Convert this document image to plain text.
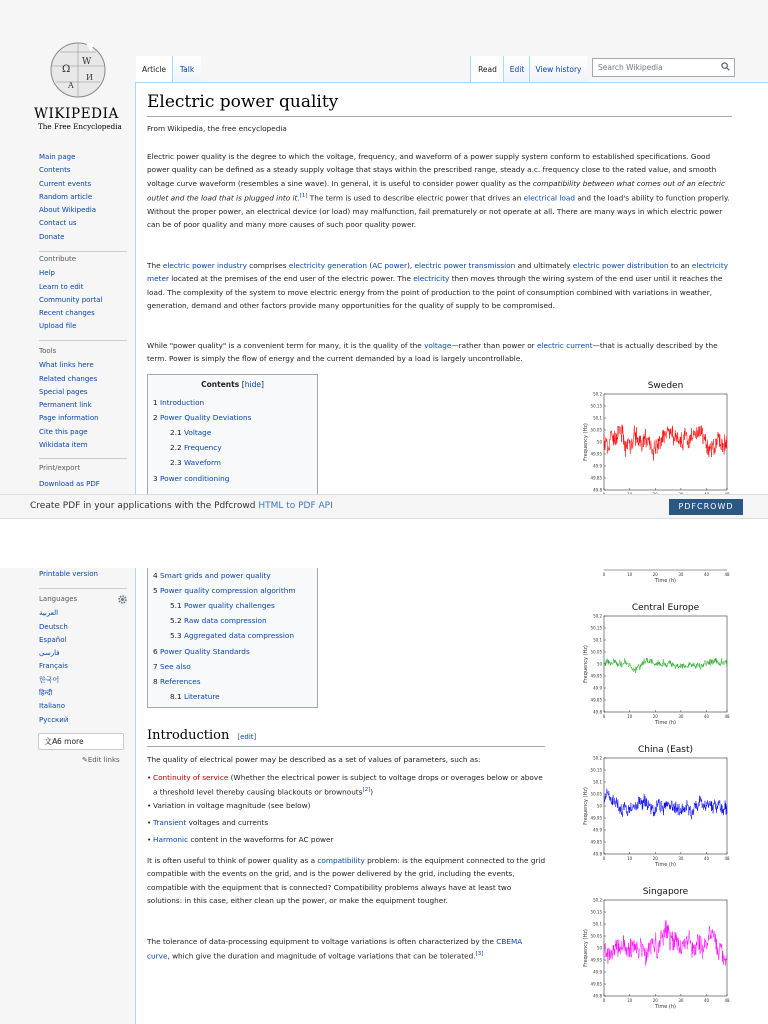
Ω
W
И
A
WIKIPEDIA
The Free Encyclopedia
Main page
Contents
Current events
Random article
About Wikipedia
Contact us
Donate
Contribute
Help
Learn to edit
Community portal
Recent changes
Upload file
Tools
What links here
Related changes
Special pages
Permanent link
Page information
Cite this page
Wikidata item
Print/export
Download as PDF
Article	Talk	Read	Edit	View history	Search Wikipedia
Electric power quality
From Wikipedia, the free encyclopedia
Electric power quality is the degree to which the voltage, frequency, and waveform of a power supply system conform to established specifications. Good power quality can be defined as a steady supply voltage that stays within the prescribed range, steady a.c. frequency close to the rated value, and smooth voltage curve waveform (resembles a sine wave). In general, it is useful to consider power quality as the compatibility between what comes out of an electric outlet and the load that is plugged into it.[1] The term is used to describe electric power that drives an electrical load and the load's ability to function properly. Without the proper power, an electrical device (or load) may malfunction, fail prematurely or not operate at all. There are many ways in which electric power can be of poor quality and many more causes of such poor quality power.
The electric power industry comprises electricity generation (AC power), electric power transmission and ultimately electric power distribution to an electricity meter located at the premises of the end user of the electric power. The electricity then moves through the wiring system of the end user until it reaches the load. The complexity of the system to move electric energy from the point of production to the point of consumption combined with variations in weather, generation, demand and other factors provide many opportunities for the quality of supply to be compromised.
While "power quality" is a convenient term for many, it is the quality of the voltage—rather than power or electric current—that is actually described by the term. Power is simply the flow of energy and the current demanded by a load is largely uncontrollable.
Contents [hide]
1 Introduction
2 Power Quality Deviations
2.1 Voltage
2.2 Frequency
2.3 Waveform
3 Power conditioning
Sweden
50.2
50.15
50.1
50.05
50
49.95
49.9
49.85
49.8
Frequency (Hz)
Create PDF in your applications with the Pdfcrowd HTML to PDF API	PDFCROWD
Printable version
Languages
العربية
Deutsch
Español
فارسی
Français
한국어
हिन्दी
Italiano
Русский
4 Smart grids and power quality
5 Power quality compression algorithm
5.1 Power quality challenges
5.2 Raw data compression
5.3 Aggregated data compression
6 Power Quality Standards
7 See also
8 References
8.1 Literature
Introduction [edit]
The quality of electrical power may be described as a set of values of parameters, such as:
• Continuity of service (Whether the electrical power is subject to voltage drops or overages below or above a threshold level thereby causing blackouts or brownouts[2])
• Variation in voltage magnitude (see below)
• Transient voltages and currents
• Harmonic content in the waveforms for AC power
It is often useful to think of power quality as a compatibility problem: is the equipment connected to the grid compatible with the events on the grid, and is the power delivered by the grid, including the events, compatible with the equipment that is connected? Compatibility problems always have at least two solutions: in this case, either clean up the power, or make the equipment tougher.
The tolerance of data-processing equipment to voltage variations is often characterized by the CBEMA curve, which give the duration and magnitude of voltage variations that can be tolerated.[3]
0	10	20	30	40	48
Time (h)
Central Europe
50.2
50.15
50.1
50.05
50
49.95
49.9
49.85
49.8
0	10	20	30	40	48
Time (h)
Frequency (Hz)
China (East)
50.2
50.15
50.1
50.05
50
49.95
49.9
49.85
49.8
0	10	20	30	40	48
Time (h)
Frequency (Hz)
Singapore
50.2
50.15
50.1
50.05
50
49.95
49.9
49.85
49.8
0	10	20	30	40	48
Time (h)
Frequency (Hz)
文A 6 more
✎Edit links
